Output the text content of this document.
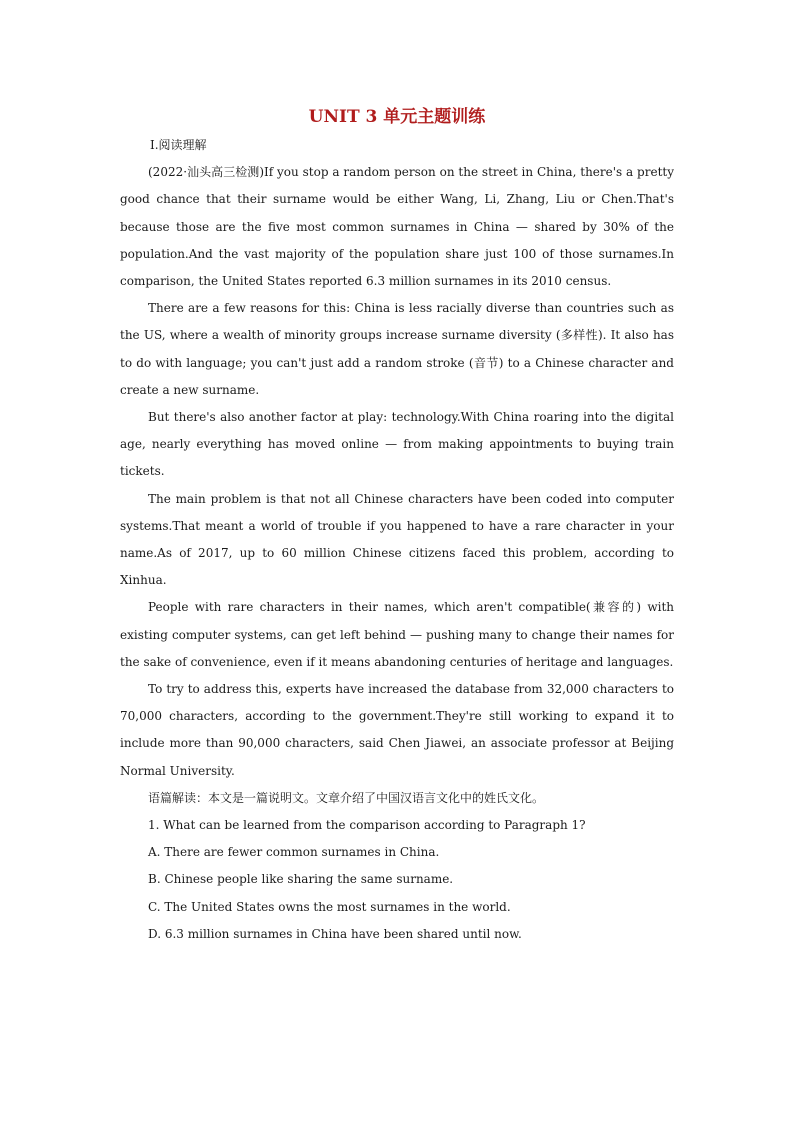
UNIT 3 单元主题训练

Ⅰ.阅读理解

(2022·汕头高三检测)If you stop a random person on the street in China, there's a pretty good chance that their surname would be either Wang, Li, Zhang, Liu or Chen.That's because those are the five most common surnames in China — shared by 30% of the population.And the vast majority of the population share just 100 of those surnames.In comparison, the United States reported 6.3 million surnames in its 2010 census.

There are a few reasons for this: China is less racially diverse than countries such as the US, where a wealth of minority groups increase surname diversity (多样性). It also has to do with language; you can't just add a random stroke (音节) to a Chinese character and create a new surname.

But there's also another factor at play: technology.With China roaring into the digital age, nearly everything has moved online — from making appointments to buying train tickets.

The main problem is that not all Chinese characters have been coded into computer systems.That meant a world of trouble if you happened to have a rare character in your name.As of 2017, up to 60 million Chinese citizens faced this problem, according to Xinhua.

People with rare characters in their names, which aren't compatible(兼容的) with existing computer systems, can get left behind — pushing many to change their names for the sake of convenience, even if it means abandoning centuries of heritage and languages.

To try to address this, experts have increased the database from 32,000 characters to 70,000 characters, according to the government.They're still working to expand it to include more than 90,000 characters, said Chen Jiawei, an associate professor at Beijing Normal University.

语篇解读：本文是一篇说明文。文章介绍了中国汉语言文化中的姓氏文化。

1. What can be learned from the comparison according to Paragraph 1?

A. There are fewer common surnames in China.

B. Chinese people like sharing the same surname.

C. The United States owns the most surnames in the world.

D. 6.3 million surnames in China have been shared until now.
